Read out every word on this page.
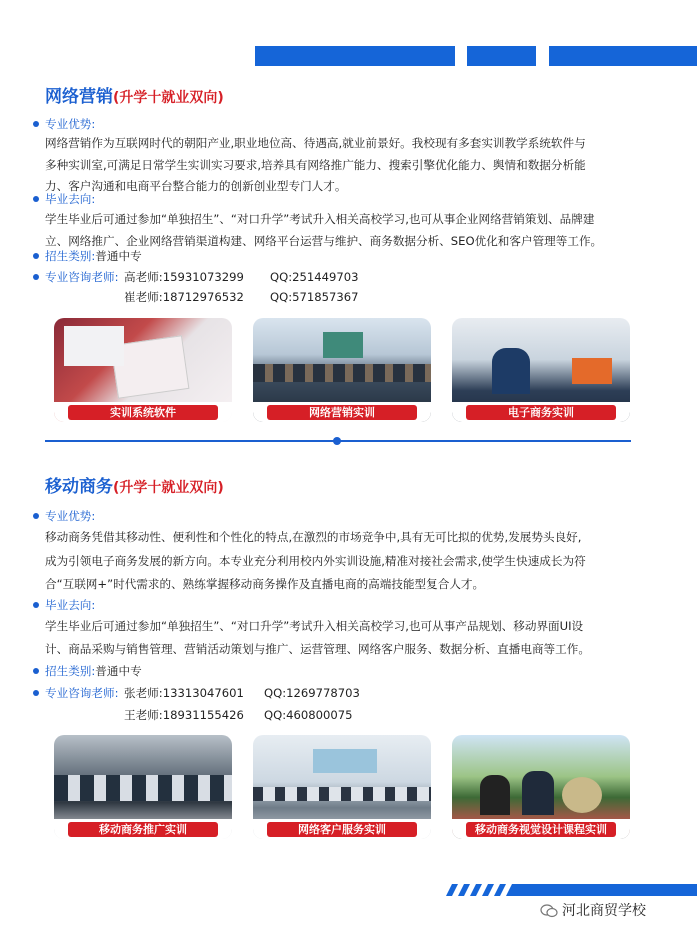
网络营销(升学十就业双向)
专业优势:
网络营销作为互联网时代的朝阳产业,职业地位高、待遇高,就业前景好。我校现有多套实训教学系统软件与
多种实训室,可满足日常学生实训实习要求,培养具有网络推广能力、搜索引擎优化能力、舆情和数据分析能
力、客户沟通和电商平台整合能力的创新创业型专门人才。
毕业去向:
学生毕业后可通过参加“单独招生”、“对口升学”考试升入相关高校学习,也可从事企业网络营销策划、品牌建
立、网络推广、企业网络营销渠道构建、网络平台运营与维护、商务数据分析、SEO优化和客户管理等工作。
招生类别:普通中专
专业咨询老师: 高老师:15931073299 QQ:251449703
崔老师:18712976532 QQ:571857367
实训系统软件	网络营销实训	电子商务实训
移动商务(升学十就业双向)
专业优势:
移动商务凭借其移动性、便利性和个性化的特点,在激烈的市场竞争中,具有无可比拟的优势,发展势头良好,
成为引领电子商务发展的新方向。本专业充分利用校内外实训设施,精准对接社会需求,使学生快速成长为符
合“互联网+”时代需求的、熟练掌握移动商务操作及直播电商的高端技能型复合人才。
毕业去向:
学生毕业后可通过参加“单独招生”、“对口升学”考试升入相关高校学习,也可从事产品规划、移动界面UI设
计、商品采购与销售管理、营销活动策划与推广、运营管理、网络客户服务、数据分析、直播电商等工作。
招生类别:普通中专
专业咨询老师: 张老师:13313047601 QQ:1269778703
王老师:18931155426 QQ:460800075
移动商务推广实训	网络客户服务实训	移动商务视觉设计课程实训
河北商贸学校
